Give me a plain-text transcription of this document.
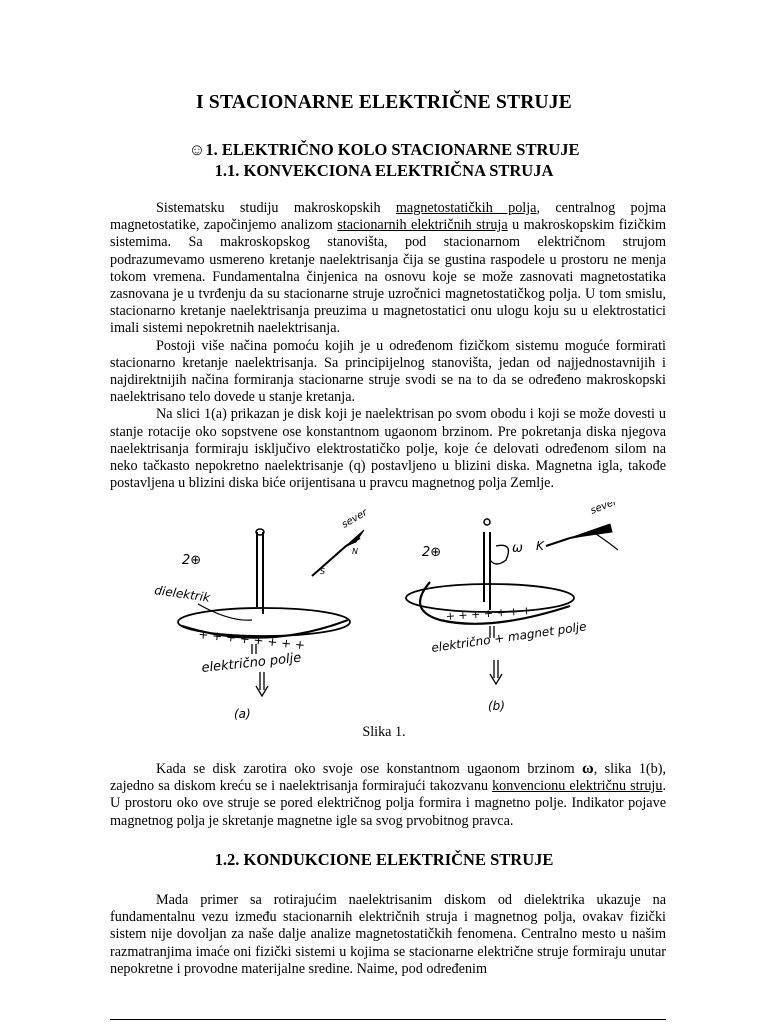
I STACIONARNE ELEKTRIČNE STRUJE
☺1. ELEKTRIČNO KOLO STACIONARNE STRUJE
1.1. KONVEKCIONA ELEKTRIČNA STRUJA

Sistematsku studiju makroskopskih magnetostatičkih polja, centralnog pojma magnetostatike, započinjemo analizom stacionarnih električnih struja u makroskopskim fizičkim sistemima. Sa makroskopskog stanovišta, pod stacionarnom električnom strujom podrazumevamo usmereno kretanje naelektrisanja čija se gustina raspodele u prostoru ne menja tokom vremena. Fundamentalna činjenica na osnovu koje se može zasnovati magnetostatika zasnovana je u tvrđenju da su stacionarne struje uzročnici magnetostatičkog polja. U tom smislu, stacionarno kretanje naelektrisanja preuzima u magnetostatici onu ulogu koju su u elektrostatici imali sistemi nepokretnih naelektrisanja.

Postoji više načina pomoću kojih je u određenom fizičkom sistemu moguće formirati stacionarno kretanje naelektrisanja. Sa principijelnog stanovišta, jedan od najjednostavnijih i najdirektnijih načina formiranja stacionarne struje svodi se na to da se određeno makroskopski naelektrisano telo dovede u stanje kretanja.

Na slici 1(a) prikazan je disk koji je naelektrisan po svom obodu i koji se može dovesti u stanje rotacije oko sopstvene ose konstantnom ugaonom brzinom. Pre pokretanja diska njegova naelektrisanja formiraju isključivo elektrostatičko polje, koje će delovati određenom silom na neko tačkasto nepokretno naelektrisanje (q) postavljeno u blizini diska. Magnetna igla, takođe postavljena u blizini diska biće orijentisana u pravcu magnetnog polja Zemlje.

2⊕
dielektrik
+ + + + + + + +
električno polje
(a)
sever
N
S
ω
2⊕
+ + + + + + +
električno + magnet polje
(b)
K
sever
Slika 1.

Kada se disk zarotira oko svoje ose konstantnom ugaonom brzinom ω, slika 1(b), zajedno sa diskom kreću se i naelektrisanja formirajući takozvanu konvencionu električnu struju. U prostoru oko ove struje se pored električnog polja formira i magnetno polje. Indikator pojave magnetnog polja je skretanje magnetne igle sa svog prvobitnog pravca.

1.2. KONDUKCIONE ELEKTRIČNE STRUJE

Mada primer sa rotirajućim naelektrisanim diskom od dielektrika ukazuje na fundamentalnu vezu između stacionarnih električnih struja i magnetnog polja, ovakav fizički sistem nije dovoljan za naše dalje analize magnetostatičkih fenomena. Centralno mesto u našim razmatranjima imaće oni fizički sistemi u kojima se stacionarne električne struje formiraju unutar nepokretne i provodne materijalne sredine. Naime, pod određenim
